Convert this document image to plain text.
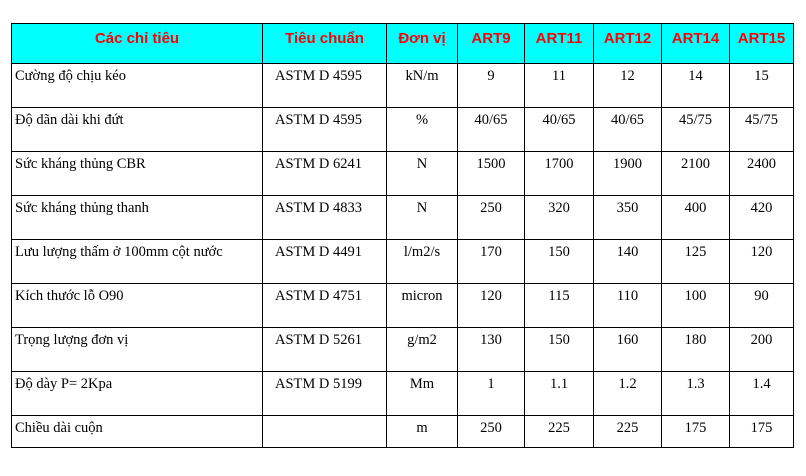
Các chỉ tiêu	Tiêu chuẩn	Đơn vị	ART9	ART11	ART12	ART14	ART15
Cường độ chịu kéo	ASTM D 4595	kN/m	9	11	12	14	15
Độ dãn dài khi đứt	ASTM D 4595	%	40/65	40/65	40/65	45/75	45/75
Sức kháng thủng CBR	ASTM D 6241	N	1500	1700	1900	2100	2400
Sức kháng thủng thanh	ASTM D 4833	N	250	320	350	400	420
Lưu lượng thấm ở 100mm cột nước	ASTM D 4491	l/m2/s	170	150	140	125	120
Kích thước lỗ O90	ASTM D 4751	micron	120	115	110	100	90
Trọng lượng đơn vị	ASTM D 5261	g/m2	130	150	160	180	200
Độ dày P= 2Kpa	ASTM D 5199	Mm	1	1.1	1.2	1.3	1.4
Chiều dài cuộn		m	250	225	225	175	175
